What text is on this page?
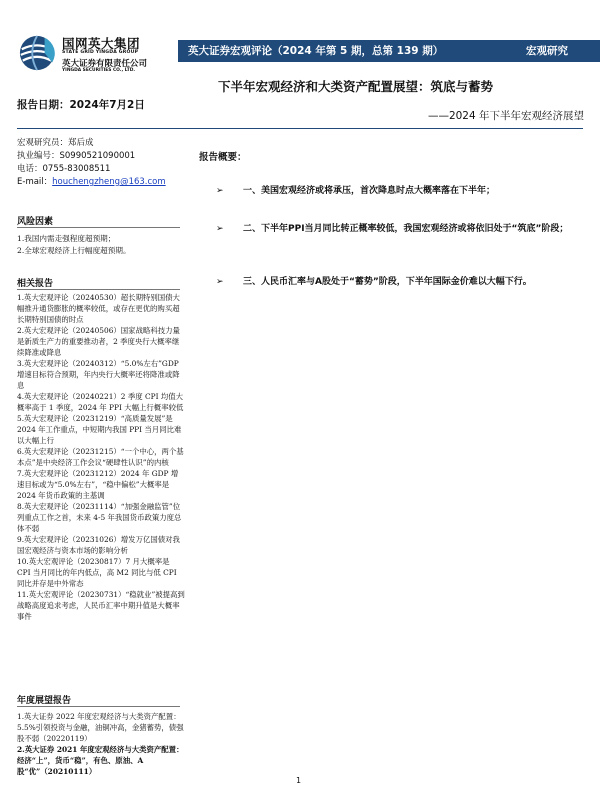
国网英大集团
STATE GRID YINGDA GROUP
英大证券有限责任公司
YINGDA SECURITIES CO., LTD.
英大证券宏观评论（2024 年第 5 期，总第 139 期）	宏观研究
下半年宏观经济和大类资产配置展望：筑底与蓄势
报告日期：2024年7月2日
——2024 年下半年宏观经济展望
宏观研究员：郑后成
执业编号：S0990521090001
电话：0755-83008511
E-mail：houchengzheng@163.com
风险因素
1.我国内需走强程度超预期；
2.全球宏观经济上行幅度超预期。
相关报告

1.英大宏观评论（20240530）超长期特别国债大幅推升通货膨胀的概率较低，或存在更优的购买超长期特别国债的时点

2.英大宏观评论（20240506）国家战略科技力量是新质生产力的重要推动者，2 季度央行大概率继续降准或降息

3.英大宏观评论（20240312）“5.0%左右”GDP 增速目标符合预期，年内央行大概率还将降准或降息

4.英大宏观评论（20240221）2 季度 CPI 均值大概率高于 1 季度，2024 年 PPI 大幅上行概率较低

5.英大宏观评论（20231219）“高质量发展”是 2024 年工作重点，中短期内我国 PPI 当月同比难以大幅上行

6.英大宏观评论（20231215）“一个中心，两个基本点”是中央经济工作会议“硬肆性认识”的内核

7.英大宏观评论（20231212）2024 年 GDP 增速目标或为“5.0%左右”，“稳中偏松”大概率是 2024 年货币政策的主基调

8.英大宏观评论（20231114）“加强金融监管”位列重点工作之首，未来 4-5 年我国货币政策力度总体不弱

9.英大宏观评论（20231026）增发万亿国债对我国宏观经济与资本市场的影响分析

10.英大宏观评论（20230817）7 月大概率是 CPI 当月同比的年内低点，高 M2 同比与低 CPI 同比并存是中外常态

11.英大宏观评论（20230731）“稳就业”被提高到战略高度追求考虑，人民币汇率中期升值是大概率事件

年度展望报告

1.英大证券 2022 年度宏观经济与大类资产配置：5.5%引领投资与金融，油铜冲高，金猪蓄势，债强股不弱（20220119）

2.英大证券 2021 年度宏观经济与大类资产配置：经济“上”，货币“稳”，有色、原油、A 股“优”（20210111）

报告概要：
➢	一、美国宏观经济或将承压，首次降息时点大概率落在下半年；
➢	二、下半年PPI当月同比转正概率较低，我国宏观经济或将依旧处于“筑底”阶段；
➢	三、人民币汇率与A股处于“蓄势”阶段，下半年国际金价难以大幅下行。
1
